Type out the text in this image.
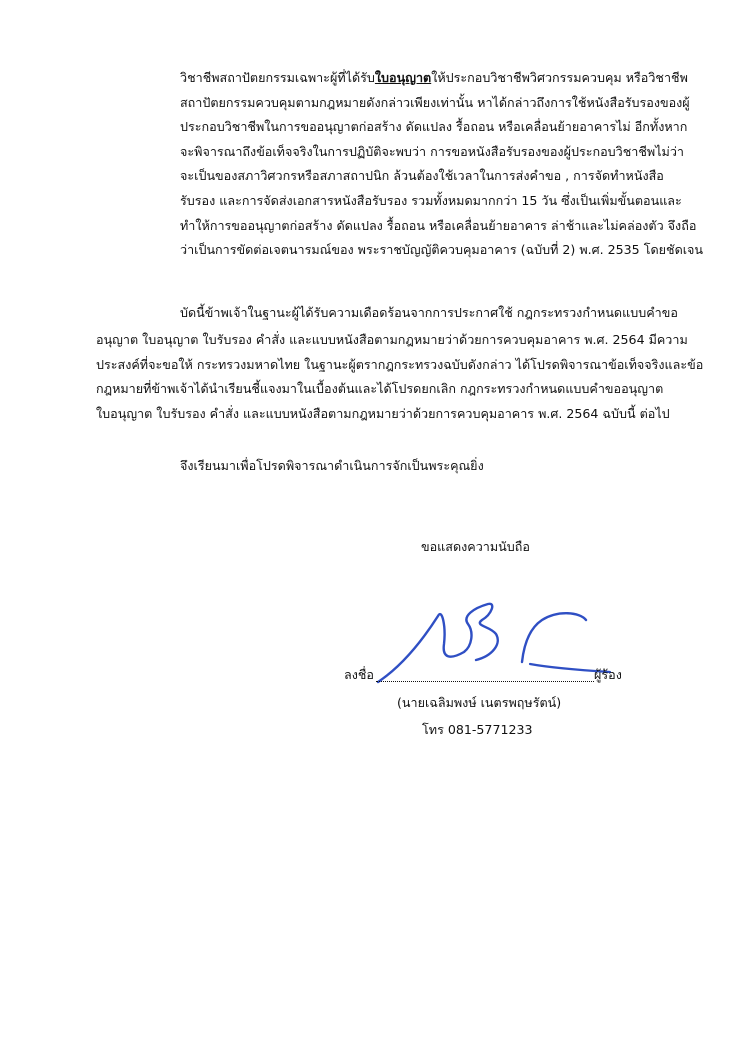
วิชาชีพสถาปัตยกรรมเฉพาะผู้ที่ได้รับใบอนุญาตให้ประกอบวิชาชีพวิศวกรรมควบคุม หรือวิชาชีพ
สถาปัตยกรรมควบคุมตามกฎหมายดังกล่าวเพียงเท่านั้น หาได้กล่าวถึงการใช้หนังสือรับรองของผู้
ประกอบวิชาชีพในการขออนุญาตก่อสร้าง ดัดแปลง รื้อถอน หรือเคลื่อนย้ายอาคารไม่ อีกทั้งหาก
จะพิจารณาถึงข้อเท็จจริงในการปฏิบัติจะพบว่า การขอหนังสือรับรองของผู้ประกอบวิชาชีพไม่ว่า
จะเป็นของสภาวิศวกรหรือสภาสถาปนิก ล้วนต้องใช้เวลาในการส่งคำขอ , การจัดทำหนังสือ
รับรอง และการจัดส่งเอกสารหนังสือรับรอง รวมทั้งหมดมากกว่า 15 วัน ซึ่งเป็นเพิ่มขั้นตอนและ
ทำให้การขออนุญาตก่อสร้าง ดัดแปลง รื้อถอน หรือเคลื่อนย้ายอาคาร ล่าช้าและไม่คล่องตัว จึงถือ
ว่าเป็นการขัดต่อเจตนารมณ์ของ พระราชบัญญัติควบคุมอาคาร (ฉบับที่ 2) พ.ศ. 2535 โดยชัดเจน
บัดนี้ข้าพเจ้าในฐานะผู้ได้รับความเดือดร้อนจากการประกาศใช้ กฎกระทรวงกำหนดแบบคำขอ
อนุญาต ใบอนุญาต ใบรับรอง คำสั่ง และแบบหนังสือตามกฎหมายว่าด้วยการควบคุมอาคาร พ.ศ. 2564 มีความ
ประสงค์ที่จะขอให้ กระทรวงมหาดไทย ในฐานะผู้ตรากฎกระทรวงฉบับดังกล่าว ได้โปรดพิจารณาข้อเท็จจริงและข้อ
กฎหมายที่ข้าพเจ้าได้นำเรียนชี้แจงมาในเบื้องต้นและได้โปรดยกเลิก กฎกระทรวงกำหนดแบบคำขออนุญาต
ใบอนุญาต ใบรับรอง คำสั่ง และแบบหนังสือตามกฎหมายว่าด้วยการควบคุมอาคาร พ.ศ. 2564 ฉบับนี้ ต่อไป
จึงเรียนมาเพื่อโปรดพิจารณาดำเนินการจักเป็นพระคุณยิ่ง
ขอแสดงความนับถือ
ลงชื่อ	ผู้ร้อง
(นายเฉลิมพงษ์ เนตรพฤษรัตน์)
โทร 081-5771233
